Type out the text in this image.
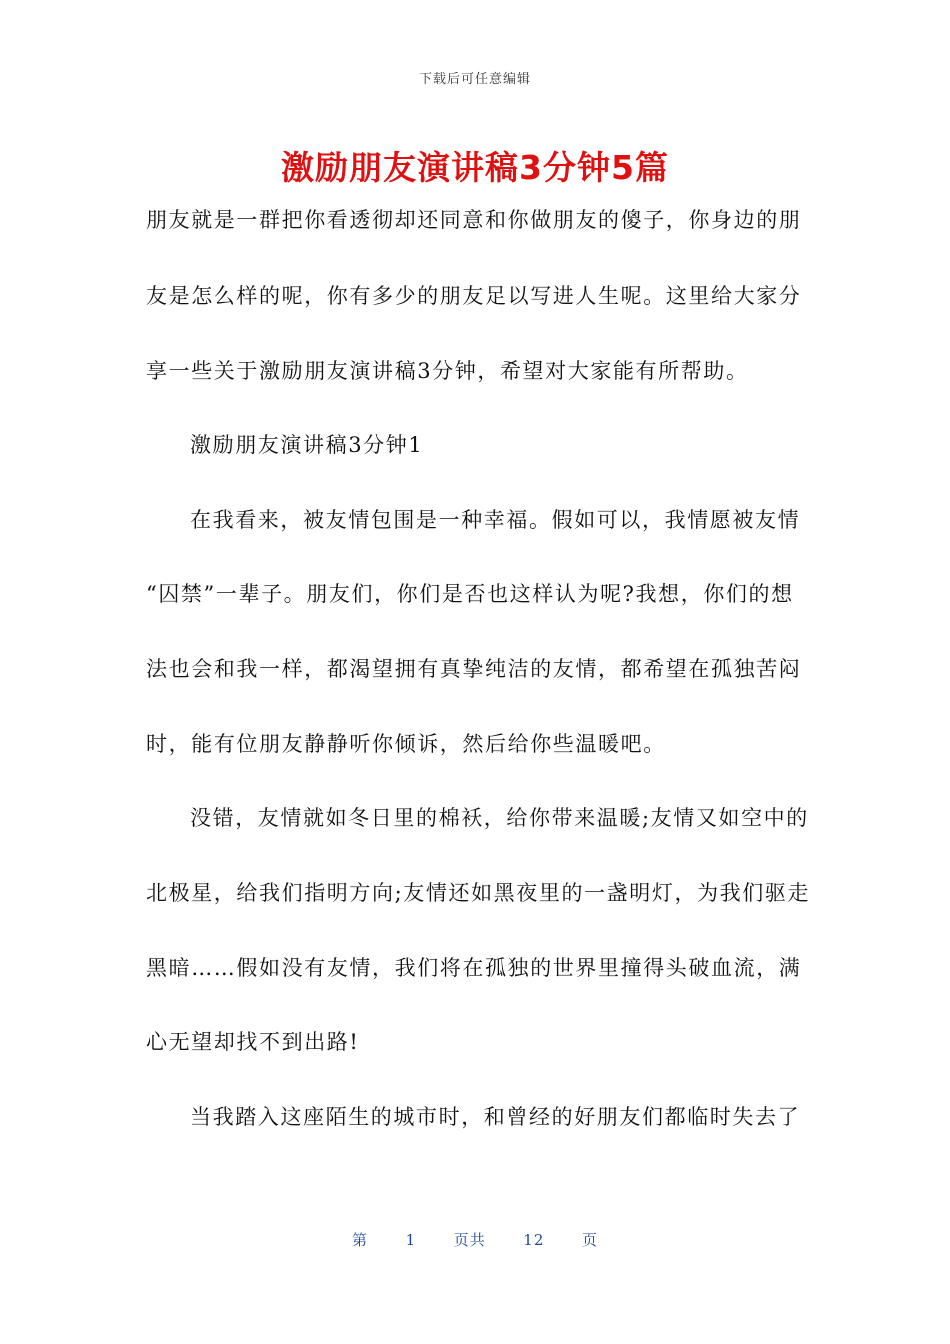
下载后可任意编辑
激励朋友演讲稿3分钟5篇
朋友就是一群把你看透彻却还同意和你做朋友的傻子，你身边的朋
友是怎么样的呢，你有多少的朋友足以写进人生呢。这里给大家分
享一些关于激励朋友演讲稿3分钟，希望对大家能有所帮助。
激励朋友演讲稿3分钟1
在我看来，被友情包围是一种幸福。假如可以，我情愿被友情
“囚禁”一辈子。朋友们，你们是否也这样认为呢?我想，你们的想
法也会和我一样，都渴望拥有真挚纯洁的友情，都希望在孤独苦闷
时，能有位朋友静静听你倾诉，然后给你些温暖吧。
没错，友情就如冬日里的棉袄，给你带来温暖;友情又如空中的
北极星，给我们指明方向;友情还如黑夜里的一盏明灯，为我们驱走
黑暗……假如没有友情，我们将在孤独的世界里撞得头破血流，满
心无望却找不到出路!
当我踏入这座陌生的城市时，和曾经的好朋友们都临时失去了
第	1	页共	12	页
